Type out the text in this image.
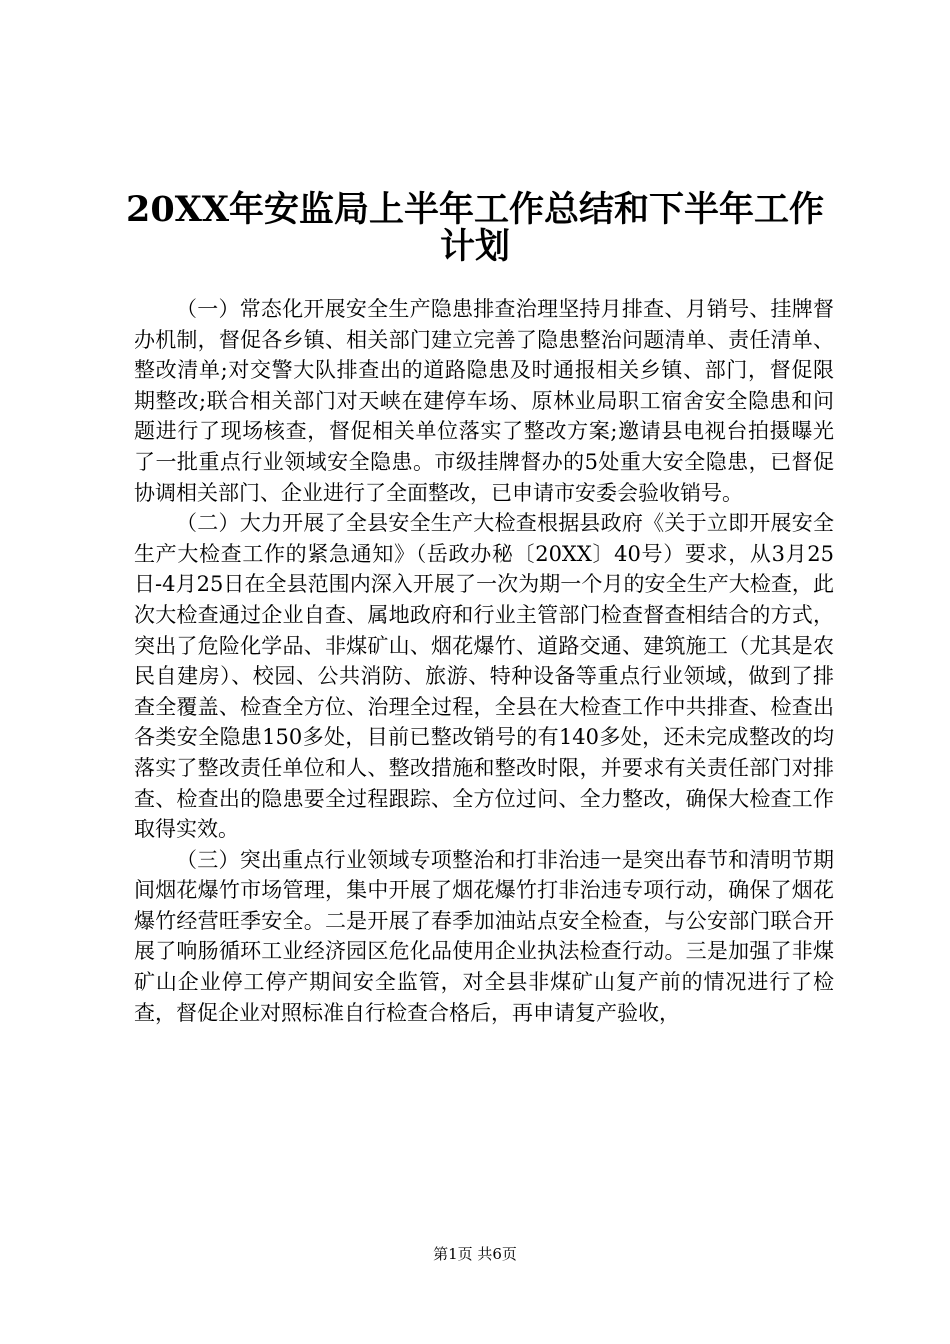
20XX年安监局上半年工作总结和下半年工作
计划

（一）常态化开展安全生产隐患排查治理坚持月排查、月销号、挂牌督办机制，督促各乡镇、相关部门建立完善了隐患整治问题清单、责任清单、整改清单;对交警大队排查出的道路隐患及时通报相关乡镇、部门，督促限期整改;联合相关部门对天峡在建停车场、原林业局职工宿舍安全隐患和问题进行了现场核查，督促相关单位落实了整改方案;邀请县电视台拍摄曝光了一批重点行业领域安全隐患。市级挂牌督办的5处重大安全隐患，已督促协调相关部门、企业进行了全面整改，已申请市安委会验收销号。

（二）大力开展了全县安全生产大检查根据县政府《关于立即开展安全生产大检查工作的紧急通知》（岳政办秘〔20XX〕40号）要求，从3月25日-4月25日在全县范围内深入开展了一次为期一个月的安全生产大检查，此次大检查通过企业自查、属地政府和行业主管部门检查督查相结合的方式，突出了危险化学品、非煤矿山、烟花爆竹、道路交通、建筑施工（尤其是农民自建房）、校园、公共消防、旅游、特种设备等重点行业领域，做到了排查全覆盖、检查全方位、治理全过程，全县在大检查工作中共排查、检查出各类安全隐患150多处，目前已整改销号的有140多处，还未完成整改的均落实了整改责任单位和人、整改措施和整改时限，并要求有关责任部门对排查、检查出的隐患要全过程跟踪、全方位过问、全力整改，确保大检查工作取得实效。

（三）突出重点行业领域专项整治和打非治违一是突出春节和清明节期间烟花爆竹市场管理，集中开展了烟花爆竹打非治违专项行动，确保了烟花爆竹经营旺季安全。二是开展了春季加油站点安全检查，与公安部门联合开展了响肠循环工业经济园区危化品使用企业执法检查行动。三是加强了非煤矿山企业停工停产期间安全监管，对全县非煤矿山复产前的情况进行了检查，督促企业对照标准自行检查合格后，再申请复产验收，

第1页 共6页
